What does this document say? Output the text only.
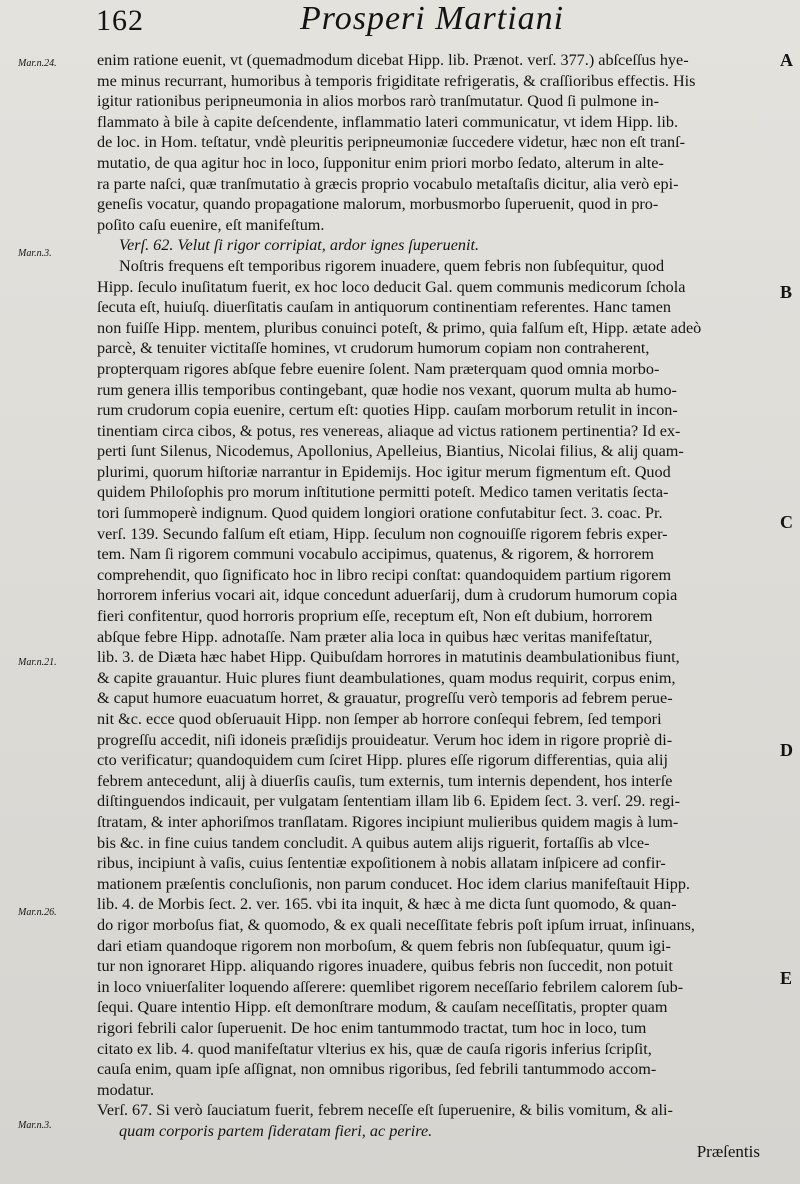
162	Prosperi Martiani
Mar.n.24.
Mar.n.3.
Mar.n.21.
Mar.n.26.
Mar.n.3.
A
B
C
D
E
enim ratione euenit, vt (quemadmodum dicebat Hipp. lib. Prænot. verſ. 377.) abſceſſus hye-
me minus recurrant, humoribus à temporis frigiditate refrigeratis, & craſſioribus effectis. His
igitur rationibus peripneumonia in alios morbos rarò tranſmutatur. Quod ſi pulmone in-
flammato à bile à capite deſcendente, inflammatio lateri communicatur, vt idem Hipp. lib.
de loc. in Hom. teſtatur, vndè pleuritis peripneumoniæ ſuccedere videtur, hæc non eſt tranſ-
mutatio, de qua agitur hoc in loco, ſupponitur enim priori morbo ſedato, alterum in alte-
ra parte naſci, quæ tranſmutatio à græcis proprio vocabulo metaſtaſis dicitur, alia verò epi-
geneſis vocatur, quando propagatione malorum, morbusmorbo ſuperuenit, quod in pro-
poſito caſu euenire, eſt manifeſtum.
Verſ. 62. Velut ſi rigor corripiat, ardor ignes ſuperuenit.
Noſtris frequens eſt temporibus rigorem inuadere, quem febris non ſubſequitur, quod
Hipp. ſeculo inuſitatum fuerit, ex hoc loco deducit Gal. quem communis medicorum ſchola
ſecuta eſt, huiuſq. diuerſitatis cauſam in antiquorum continentiam referentes. Hanc tamen
non fuiſſe Hipp. mentem, pluribus conuinci poteſt, & primo, quia falſum eſt, Hipp. ætate adeò
parcè, & tenuiter victitaſſe homines, vt crudorum humorum copiam non contraherent,
propterquam rigores abſque febre euenire ſolent. Nam præterquam quod omnia morbo-
rum genera illis temporibus contingebant, quæ hodie nos vexant, quorum multa ab humo-
rum crudorum copia euenire, certum eſt: quoties Hipp. cauſam morborum retulit in incon-
tinentiam circa cibos, & potus, res venereas, aliaque ad victus rationem pertinentia? Id ex-
perti ſunt Silenus, Nicodemus, Apollonius, Apelleius, Biantius, Nicolai filius, & alij quam-
plurimi, quorum hiſtoriæ narrantur in Epidemijs. Hoc igitur merum figmentum eſt. Quod
quidem Philoſophis pro morum inſtitutione permitti poteſt. Medico tamen veritatis ſecta-
tori ſummoperè indignum. Quod quidem longiori oratione confutabitur ſect. 3. coac. Pr.
verſ. 139. Secundo falſum eſt etiam, Hipp. ſeculum non cognouiſſe rigorem febris exper-
tem. Nam ſi rigorem communi vocabulo accipimus, quatenus, & rigorem, & horrorem
comprehendit, quo ſignificato hoc in libro recipi conſtat: quandoquidem partium rigorem
horrorem inferius vocari ait, idque concedunt aduerſarij, dum à crudorum humorum copia
fieri confitentur, quod horroris proprium eſſe, receptum eſt, Non eſt dubium, horrorem
abſque febre Hipp. adnotaſſe. Nam præter alia loca in quibus hæc veritas manifeſtatur,
lib. 3. de Diæta hæc habet Hipp. Quibuſdam horrores in matutinis deambulationibus fiunt,
& capite grauantur. Huic plures fiunt deambulationes, quam modus requirit, corpus enim,
& caput humore euacuatum horret, & grauatur, progreſſu verò temporis ad febrem perue-
nit &c. ecce quod obſeruauit Hipp. non ſemper ab horrore conſequi febrem, ſed tempori
progreſſu accedit, niſi idoneis præſidijs prouideatur. Verum hoc idem in rigore propriè di-
cto verificatur; quandoquidem cum ſciret Hipp. plures eſſe rigorum differentias, quia alij
febrem antecedunt, alij à diuerſis cauſis, tum externis, tum internis dependent, hos interſe
diſtinguendos indicauit, per vulgatam ſententiam illam lib 6. Epidem ſect. 3. verſ. 29. regi-
ſtratam, & inter aphoriſmos tranſlatam. Rigores incipiunt mulieribus quidem magis à lum-
bis &c. in fine cuius tandem concludit. A quibus autem alijs riguerit, fortaſſis ab vlce-
ribus, incipiunt à vaſis, cuius ſententiæ expoſitionem à nobis allatam inſpicere ad confir-
mationem præſentis concluſionis, non parum conducet. Hoc idem clarius manifeſtauit Hipp.
lib. 4. de Morbis ſect. 2. ver. 165. vbi ita inquit, & hæc à me dicta ſunt quomodo, & quan-
do rigor morboſus fiat, & quomodo, & ex quali neceſſitate febris poſt ipſum irruat, inſinuans,
dari etiam quandoque rigorem non morboſum, & quem febris non ſubſequatur, quum igi-
tur non ignoraret Hipp. aliquando rigores inuadere, quibus febris non ſuccedit, non potuit
in loco vniuerſaliter loquendo aſſerere: quemlibet rigorem neceſſario febrilem calorem ſub-
ſequi. Quare intentio Hipp. eſt demonſtrare modum, & cauſam neceſſitatis, propter quam
rigori febrili calor ſuperuenit. De hoc enim tantummodo tractat, tum hoc in loco, tum
citato ex lib. 4. quod manifeſtatur vlterius ex his, quæ de cauſa rigoris inferius ſcripſit,
cauſa enim, quam ipſe aſſignat, non omnibus rigoribus, ſed febrili tantummodo accom-
modatur.
Verſ. 67. Si verò ſauciatum fuerit, febrem neceſſe eſt ſuperuenire, & bilis vomitum, & ali-
quam corporis partem ſideratam fieri, ac perire.
Præſentis
